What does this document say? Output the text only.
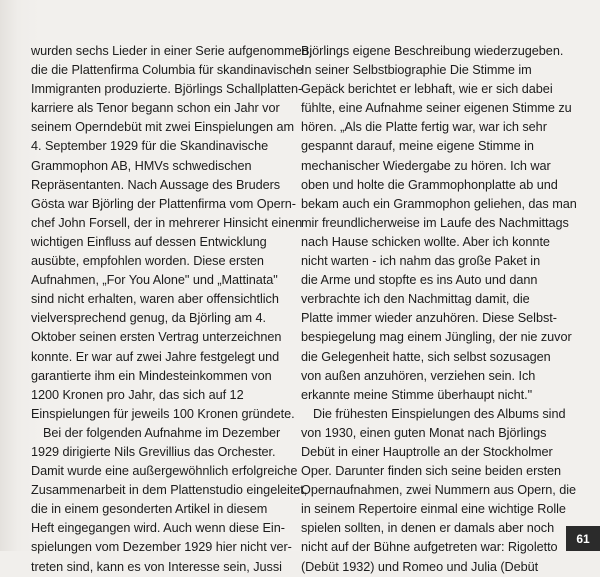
wurden sechs Lieder in einer Serie aufgenommen,
die die Plattenfirma Columbia für skandinavische
Immigranten produzierte. Björlings Schallplatten-
karriere als Tenor begann schon ein Jahr vor
seinem Operndebüt mit zwei Einspielungen am
4. September 1929 für die Skandinavische
Grammophon AB, HMVs schwedischen
Repräsentanten. Nach Aussage des Bruders
Gösta war Björling der Plattenfirma vom Opern-
chef John Forsell, der in mehrerer Hinsicht einen
wichtigen Einfluss auf dessen Entwicklung
ausübte, empfohlen worden. Diese ersten
Aufnahmen, „For You Alone" und „Mattinata"
sind nicht erhalten, waren aber offensichtlich
vielversprechend genug, da Björling am 4.
Oktober seinen ersten Vertrag unterzeichnen
konnte. Er war auf zwei Jahre festgelegt und
garantierte ihm ein Mindesteinkommen von
1200 Kronen pro Jahr, das sich auf 12
Einspielungen für jeweils 100 Kronen gründete.
Bei der folgenden Aufnahme im Dezember
1929 dirigierte Nils Grevillius das Orchester.
Damit wurde eine außergewöhnlich erfolgreiche
Zusammenarbeit in dem Plattenstudio eingeleitet,
die in einem gesonderten Artikel in diesem
Heft eingegangen wird. Auch wenn diese Ein-
spielungen vom Dezember 1929 hier nicht ver-
treten sind, kann es von Interesse sein, Jussi
Björlings eigene Beschreibung wiederzugeben.
In seiner Selbstbiographie Die Stimme im
Gepäck berichtet er lebhaft, wie er sich dabei
fühlte, eine Aufnahme seiner eigenen Stimme zu
hören. „Als die Platte fertig war, war ich sehr
gespannt darauf, meine eigene Stimme in
mechanischer Wiedergabe zu hören. Ich war
oben und holte die Grammophonplatte ab und
bekam auch ein Grammophon geliehen, das man
mir freundlicherweise im Laufe des Nachmittags
nach Hause schicken wollte. Aber ich konnte
nicht warten - ich nahm das große Paket in
die Arme und stopfte es ins Auto und dann
verbrachte ich den Nachmittag damit, die
Platte immer wieder anzuhören. Diese Selbst-
bespiegelung mag einem Jüngling, der nie zuvor
die Gelegenheit hatte, sich selbst sozusagen
von außen anzuhören, verziehen sein. Ich
erkannte meine Stimme überhaupt nicht."
Die frühesten Einspielungen des Albums sind
von 1930, einen guten Monat nach Björlings
Debüt in einer Hauptrolle an der Stockholmer
Oper. Darunter finden sich seine beiden ersten
Opernaufnahmen, zwei Nummern aus Opern, die
in seinem Repertoire einmal eine wichtige Rolle
spielen sollten, in denen er damals aber noch
nicht auf der Bühne aufgetreten war: Rigoletto
(Debüt 1932) und Romeo und Julia (Debüt
61
